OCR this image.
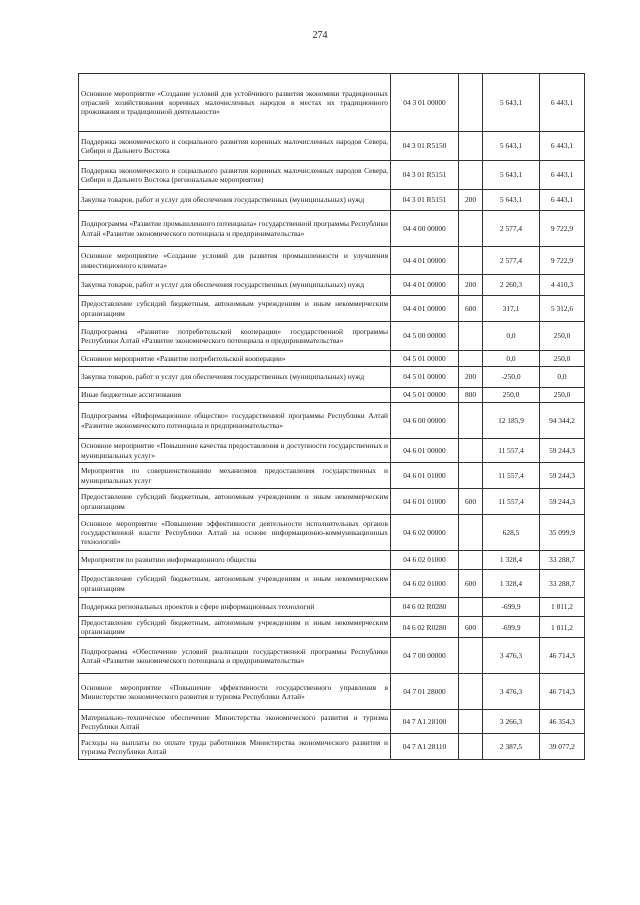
274
Основное мероприятие «Создание условий для устойчивого развития экономики традиционных отраслей хозяйствования коренных малочисленных народов в местах их традиционного проживания и традиционной деятельности»	04 3 01 00000		5 643,1	6 443,1
Поддержка экономического и социального развития коренных малочисленных народов Севера, Сибири и Дальнего Востока	04 3 01 R5150		5 643,1	6 443,1
Поддержка экономического и социального развития коренных малочисленных народов Севера, Сибири и Дальнего Востока (региональные мероприятия)	04 3 01 R5151		5 643,1	6 443,1
Закупка товаров, работ и услуг для обеспечения государственных (муниципальных) нужд	04 3 01 R5151	200	5 643,1	6 443,1
Подпрограмма «Развитие промышленного потенциала» государственной программы Республики Алтай «Развитие экономического потенциала и предпринимательства»	04 4 00 00000		2 577,4	9 722,9
Основное мероприятие «Создание условий для развития промышленности и улучшения инвестиционного климата»	04 4 01 00000		2 577,4	9 722,9
Закупка товаров, работ и услуг для обеспечения государственных (муниципальных) нужд	04 4 01 00000	200	2 260,3	4 410,3
Предоставление субсидий бюджетным, автономным учреждениям и иным некоммерческим организациям	04 4 01 00000	600	317,1	5 312,6
Подпрограмма «Развитие потребительской кооперации» государственной программы Республики Алтай «Развитие экономического потенциала и предпринимательства»	04 5 00 00000		0,0	250,0
Основное мероприятие «Развитие потребительской кооперации»	04 5 01 00000		0,0	250,0
Закупка товаров, работ и услуг для обеспечения государственных (муниципальных) нужд	04 5 01 00000	200	-250,0	0,0
Иные бюджетные ассигнования	04 5 01 00000	800	250,0	250,0
Подпрограмма «Информационное общество» государственной программы Республики Алтай «Развитие экономического потенциала и предпринимательства»	04 6 00 00000		12 185,9	94 344,2
Основное мероприятие «Повышение качества предоставления и доступности государственных и муниципальных услуг»	04 6 01 00000		11 557,4	59 244,3
Мероприятия по совершенствованию механизмов предоставления государственных и муниципальных услуг	04 6 01 01000		11 557,4	59 244,3
Предоставление субсидий бюджетным, автономным учреждениям и иным некоммерческим организациям	04 6 01 01000	600	11 557,4	59 244,3
Основное мероприятие «Повышение эффективности деятельности исполнительных органов государственной власти Республики Алтай на основе информационно-коммуникационных технологий»	04 6 02 00000		628,5	35 099,9
Мероприятия по развитию информационного общества	04 6 02 01000		1 328,4	33 288,7
Предоставление субсидий бюджетным, автономным учреждениям и иным некоммерческим организациям	04 6 02 01000	600	1 328,4	33 288,7
Поддержка региональных проектов в сфере информационных технологий	04 6 02 R0280		-699,9	1 811,2
Предоставление субсидий бюджетным, автономным учреждениям и иным некоммерческим организациям	04 6 02 R0280	600	-699,9	1 811,2
Подпрограмма «Обеспечение условий реализации государственной программы Республики Алтай «Развитие экономического потенциала и предпринимательства»	04 7 00 00000		3 476,3	46 714,3
Основное мероприятие «Повышение эффективности государственного управления в Министерстве экономического развития и туризма Республики Алтай»	04 7 01 28000		3 476,3	46 714,3
Материально–техническое обеспечение Министерства экономического развития и туризма Республики Алтай	04 7 A1 28100		3 266,3	46 354,3
Расходы на выплаты по оплате труда работников Министерства экономического развития и туризма Республики Алтай	04 7 A1 28110		2 387,5	39 077,2
